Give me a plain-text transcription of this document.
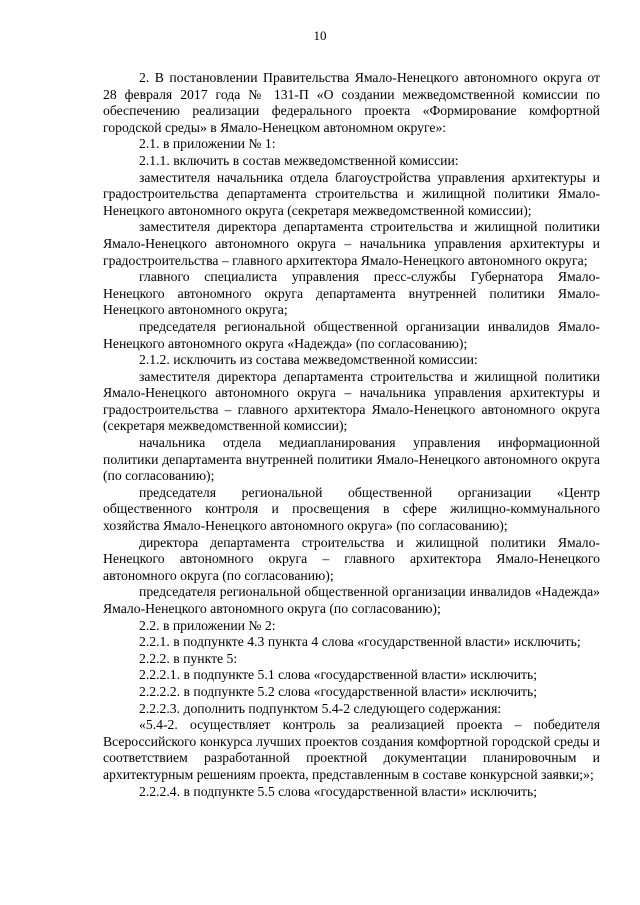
10

2. В постановлении Правительства Ямало-Ненецкого автономного округа от 28 февраля 2017 года № 131-П «О создании межведомственной комиссии по обеспечению реализации федерального проекта «Формирование комфортной городской среды» в Ямало-Ненецком автономном округе»:

2.1. в приложении № 1:

2.1.1. включить в состав межведомственной комиссии:

заместителя начальника отдела благоустройства управления архитектуры и градостроительства департамента строительства и жилищной политики Ямало-Ненецкого автономного округа (секретаря межведомственной комиссии);

заместителя директора департамента строительства и жилищной политики Ямало-Ненецкого автономного округа – начальника управления архитектуры и градостроительства – главного архитектора Ямало-Ненецкого автономного округа;

главного специалиста управления пресс-службы Губернатора Ямало-Ненецкого автономного округа департамента внутренней политики Ямало-Ненецкого автономного округа;

председателя региональной общественной организации инвалидов Ямало-Ненецкого автономного округа «Надежда» (по согласованию);

2.1.2. исключить из состава межведомственной комиссии:

заместителя директора департамента строительства и жилищной политики Ямало-Ненецкого автономного округа – начальника управления архитектуры и градостроительства – главного архитектора Ямало-Ненецкого автономного округа (секретаря межведомственной комиссии);

начальника отдела медиапланирования управления информационной политики департамента внутренней политики Ямало-Ненецкого автономного округа (по согласованию);

председателя региональной общественной организации «Центр общественного контроля и просвещения в сфере жилищно-коммунального хозяйства Ямало-Ненецкого автономного округа» (по согласованию);

директора департамента строительства и жилищной политики Ямало-Ненецкого автономного округа – главного архитектора Ямало-Ненецкого автономного округа (по согласованию);

председателя региональной общественной организации инвалидов «Надежда» Ямало-Ненецкого автономного округа (по согласованию);

2.2. в приложении № 2:

2.2.1. в подпункте 4.3 пункта 4 слова «государственной власти» исключить;

2.2.2. в пункте 5:

2.2.2.1. в подпункте 5.1 слова «государственной власти» исключить;

2.2.2.2. в подпункте 5.2 слова «государственной власти» исключить;

2.2.2.3. дополнить подпунктом 5.4-2 следующего содержания:

«5.4-2. осуществляет контроль за реализацией проекта – победителя Всероссийского конкурса лучших проектов создания комфортной городской среды и соответствием разработанной проектной документации планировочным и архитектурным решениям проекта, представленным в составе конкурсной заявки;»;

2.2.2.4. в подпункте 5.5 слова «государственной власти» исключить;
